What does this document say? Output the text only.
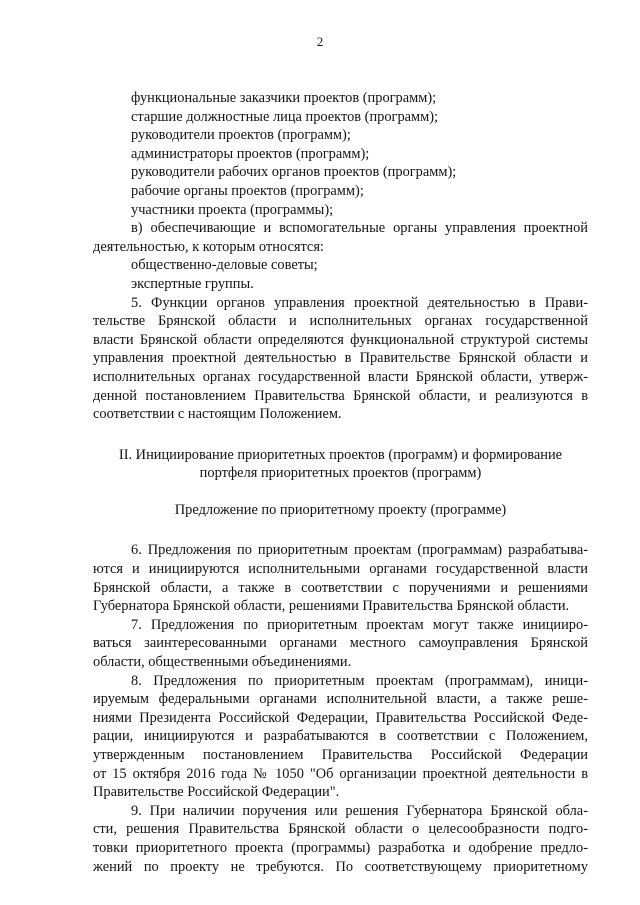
2
функциональные заказчики проектов (программ);
старшие должностные лица проектов (программ);
руководители проектов (программ);
администраторы проектов (программ);
руководители рабочих органов проектов (программ);
рабочие органы проектов (программ);
участники проекта (программы);
в) обеспечивающие и вспомогательные органы управления проектной
деятельностью, к которым относятся:
общественно-деловые советы;
экспертные группы.
5. Функции органов управления проектной деятельностью в Прави-
тельстве Брянской области и исполнительных органах государственной
власти Брянской области определяются функциональной структурой системы
управления проектной деятельностью в Правительстве Брянской области и
исполнительных органах государственной власти Брянской области, утверж-
денной постановлением Правительства Брянской области, и реализуются в
соответствии с настоящим Положением.
II. Инициирование приоритетных проектов (программ) и формирование
портфеля приоритетных проектов (программ)
Предложение по приоритетному проекту (программе)
6. Предложения по приоритетным проектам (программам) разрабатыва-
ются и инициируются исполнительными органами государственной власти
Брянской области, а также в соответствии с поручениями и решениями
Губернатора Брянской области, решениями Правительства Брянской области.
7. Предложения по приоритетным проектам могут также иницииро-
ваться заинтересованными органами местного самоуправления Брянской
области, общественными объединениями.
8. Предложения по приоритетным проектам (программам), иници-
ируемым федеральными органами исполнительной власти, а также реше-
ниями Президента Российской Федерации, Правительства Российской Феде-
рации, инициируются и разрабатываются в соответствии с Положением,
утвержденным постановлением Правительства Российской Федерации
от 15 октября 2016 года № 1050 "Об организации проектной деятельности в
Правительстве Российской Федерации".
9. При наличии поручения или решения Губернатора Брянской обла-
сти, решения Правительства Брянской области о целесообразности подго-
товки приоритетного проекта (программы) разработка и одобрение предло-
жений по проекту не требуются. По соответствующему приоритетному
